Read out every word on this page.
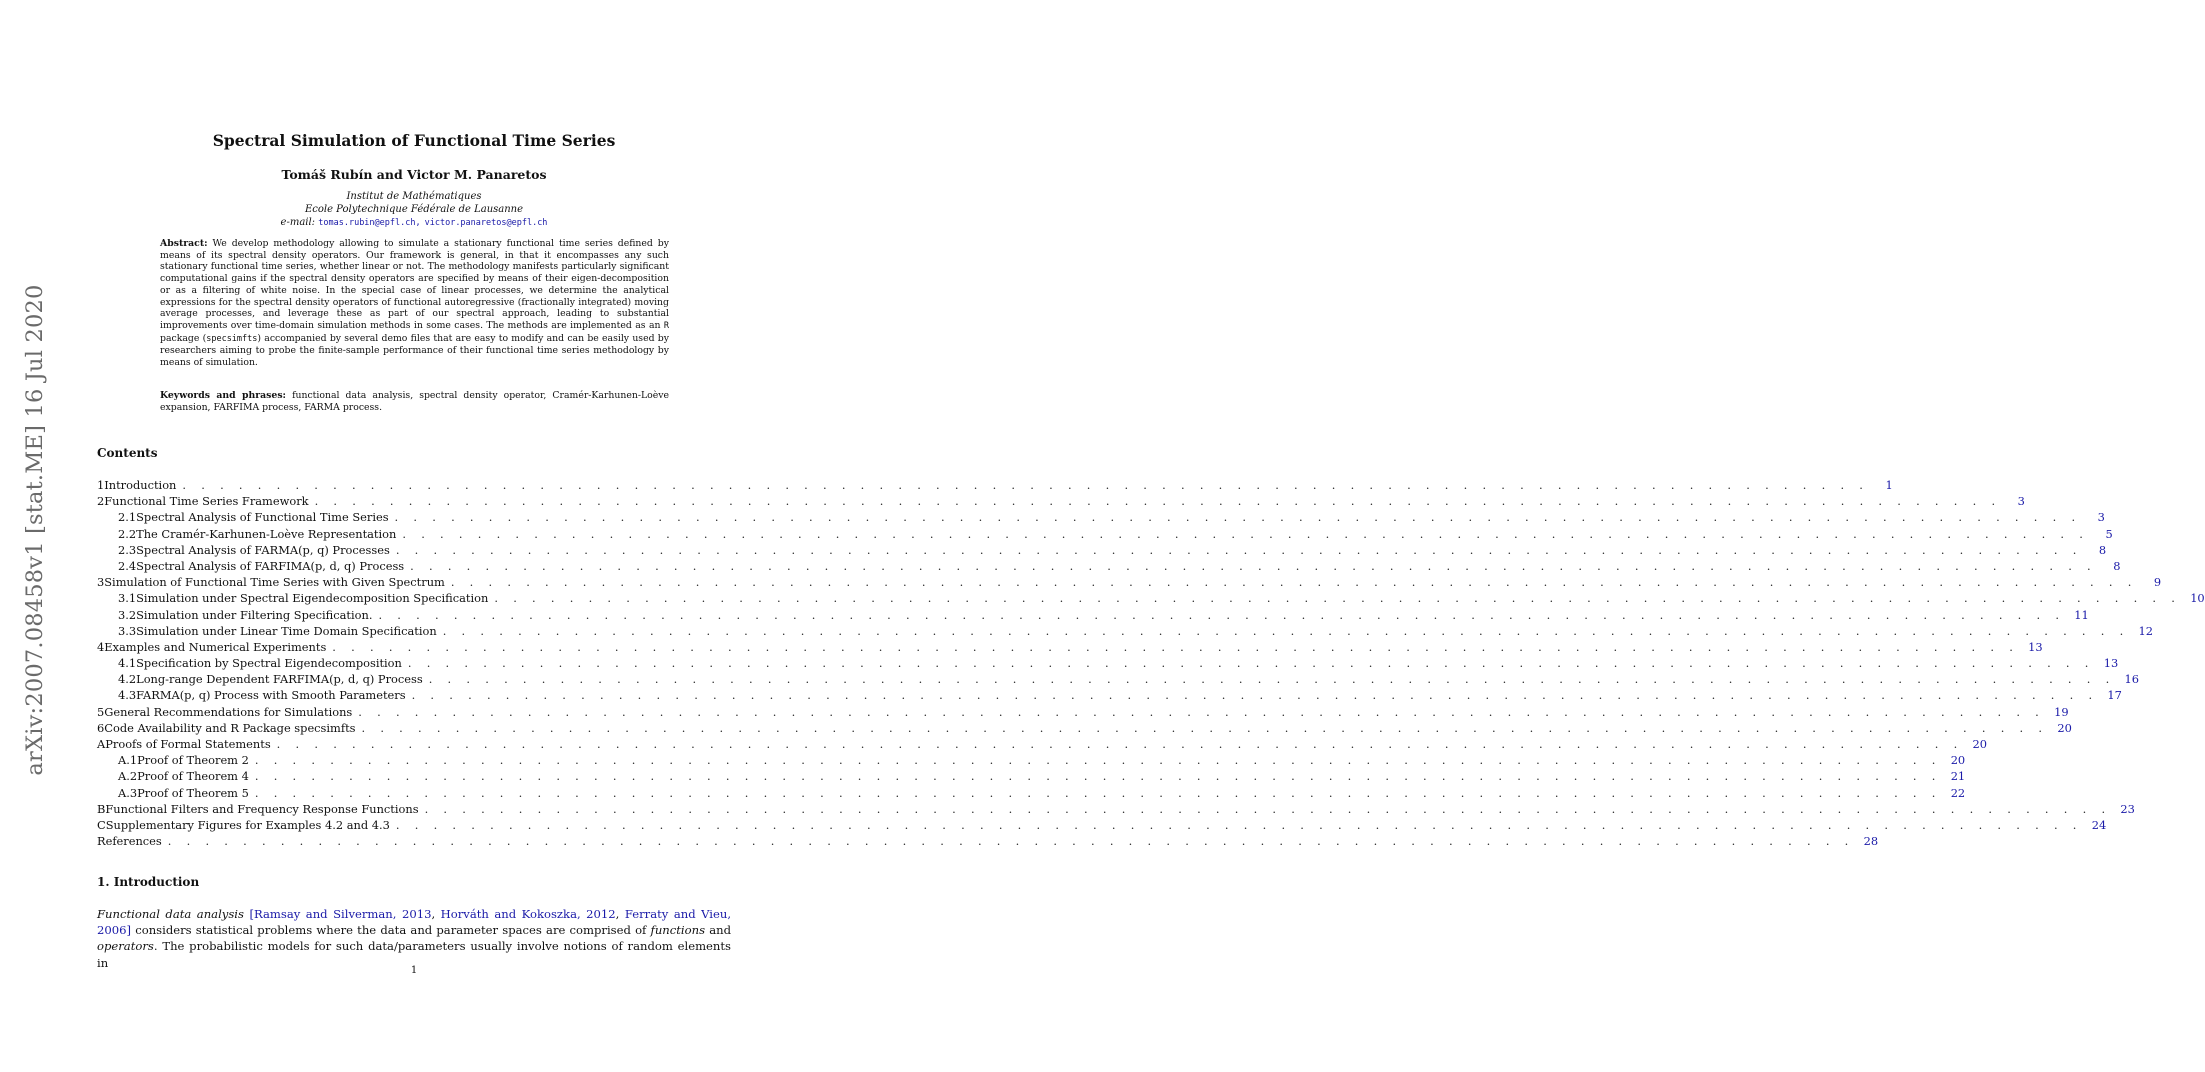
arXiv:2007.08458v1 [stat.ME] 16 Jul 2020
Spectral Simulation of Functional Time Series
Tomáš Rubín and Victor M. Panaretos
Institut de Mathématiques
Ecole Polytechnique Fédérale de Lausanne
e-mail: tomas.rubin@epfl.ch, victor.panaretos@epfl.ch
Abstract: We develop methodology allowing to simulate a stationary functional time series defined by means of its spectral density operators. Our framework is general, in that it encompasses any such stationary functional time series, whether linear or not. The methodology manifests particularly significant computational gains if the spectral density operators are specified by means of their eigen-decomposition or as a filtering of white noise. In the special case of linear processes, we determine the analytical expressions for the spectral density operators of functional autoregressive (fractionally integrated) moving average processes, and leverage these as part of our spectral approach, leading to substantial improvements over time-domain simulation methods in some cases. The methods are implemented as an R package (specsimfts) accompanied by several demo files that are easy to modify and can be easily used by researchers aiming to probe the finite-sample performance of their functional time series methodology by means of simulation.
Keywords and phrases: functional data analysis, spectral density operator, Cramér-Karhunen-Loève expansion, FARFIMA process, FARMA process.
Contents
1 Introduction . . . . . . . . . . . . . . . . . . . . . . . . . . . . . . . . . . . . . . . . . . . . . . . . . . . . . . . . . . . . . . . . . . . . . . . . . . . . . . . . . . . . . . . . . .	1
2 Functional Time Series Framework . . . . . . . . . . . . . . . . . . . . . . . . . . . . . . . . . . . . . . . . . . . . . . . . . . . . . . . . . . . . . . . . . . . . . . . . . . . . . . . . . . . . . . . . . .	3
2.1 Spectral Analysis of Functional Time Series . . . . . . . . . . . . . . . . . . . . . . . . . . . . . . . . . . . . . . . . . . . . . . . . . . . . . . . . . . . . . . . . . . . . . . . . . . . . . . . . . . . . . . . . . .	3
2.2 The Cramér-Karhunen-Loève Representation . . . . . . . . . . . . . . . . . . . . . . . . . . . . . . . . . . . . . . . . . . . . . . . . . . . . . . . . . . . . . . . . . . . . . . . . . . . . . . . . . . . . . . . . . .	5
2.3 Spectral Analysis of FARMA(p, q) Processes . . . . . . . . . . . . . . . . . . . . . . . . . . . . . . . . . . . . . . . . . . . . . . . . . . . . . . . . . . . . . . . . . . . . . . . . . . . . . . . . . . . . . . . . . .	8
2.4 Spectral Analysis of FARFIMA(p, d, q) Process . . . . . . . . . . . . . . . . . . . . . . . . . . . . . . . . . . . . . . . . . . . . . . . . . . . . . . . . . . . . . . . . . . . . . . . . . . . . . . . . . . . . . . . . . .	8
3 Simulation of Functional Time Series with Given Spectrum . . . . . . . . . . . . . . . . . . . . . . . . . . . . . . . . . . . . . . . . . . . . . . . . . . . . . . . . . . . . . . . . . . . . . . . . . . . . . . . . . . . . . . . . . .	9
3.1 Simulation under Spectral Eigendecomposition Specification . . . . . . . . . . . . . . . . . . . . . . . . . . . . . . . . . . . . . . . . . . . . . . . . . . . . . . . . . . . . . . . . . . . . . . . . . . . . . . . . . . . . . . . . . . 10
3.2 Simulation under Filtering Specification. . . . . . . . . . . . . . . . . . . . . . . . . . . . . . . . . . . . . . . . . . . . . . . . . . . . . . . . . . . . . . . . . . . . . . . . . . . . . . . . . . . . . . . . . . . 11
3.3 Simulation under Linear Time Domain Specification . . . . . . . . . . . . . . . . . . . . . . . . . . . . . . . . . . . . . . . . . . . . . . . . . . . . . . . . . . . . . . . . . . . . . . . . . . . . . . . . . . . . . . . . . . 12
4 Examples and Numerical Experiments . . . . . . . . . . . . . . . . . . . . . . . . . . . . . . . . . . . . . . . . . . . . . . . . . . . . . . . . . . . . . . . . . . . . . . . . . . . . . . . . . . . . . . . . . . 13
4.1 Specification by Spectral Eigendecomposition . . . . . . . . . . . . . . . . . . . . . . . . . . . . . . . . . . . . . . . . . . . . . . . . . . . . . . . . . . . . . . . . . . . . . . . . . . . . . . . . . . . . . . . . . . 13
4.2 Long-range Dependent FARFIMA(p, d, q) Process . . . . . . . . . . . . . . . . . . . . . . . . . . . . . . . . . . . . . . . . . . . . . . . . . . . . . . . . . . . . . . . . . . . . . . . . . . . . . . . . . . . . . . . . . . 16
4.3 FARMA(p, q) Process with Smooth Parameters . . . . . . . . . . . . . . . . . . . . . . . . . . . . . . . . . . . . . . . . . . . . . . . . . . . . . . . . . . . . . . . . . . . . . . . . . . . . . . . . . . . . . . . . . . 17
5 General Recommendations for Simulations . . . . . . . . . . . . . . . . . . . . . . . . . . . . . . . . . . . . . . . . . . . . . . . . . . . . . . . . . . . . . . . . . . . . . . . . . . . . . . . . . . . . . . . . . . 19
6 Code Availability and R Package specsimfts . . . . . . . . . . . . . . . . . . . . . . . . . . . . . . . . . . . . . . . . . . . . . . . . . . . . . . . . . . . . . . . . . . . . . . . . . . . . . . . . . . . . . . . . . . 20
A Proofs of Formal Statements . . . . . . . . . . . . . . . . . . . . . . . . . . . . . . . . . . . . . . . . . . . . . . . . . . . . . . . . . . . . . . . . . . . . . . . . . . . . . . . . . . . . . . . . . . 20
A.1 Proof of Theorem 2 . . . . . . . . . . . . . . . . . . . . . . . . . . . . . . . . . . . . . . . . . . . . . . . . . . . . . . . . . . . . . . . . . . . . . . . . . . . . . . . . . . . . . . . . . . 20
A.2 Proof of Theorem 4 . . . . . . . . . . . . . . . . . . . . . . . . . . . . . . . . . . . . . . . . . . . . . . . . . . . . . . . . . . . . . . . . . . . . . . . . . . . . . . . . . . . . . . . . . . 21
A.3 Proof of Theorem 5 . . . . . . . . . . . . . . . . . . . . . . . . . . . . . . . . . . . . . . . . . . . . . . . . . . . . . . . . . . . . . . . . . . . . . . . . . . . . . . . . . . . . . . . . . . 22
B Functional Filters and Frequency Response Functions . . . . . . . . . . . . . . . . . . . . . . . . . . . . . . . . . . . . . . . . . . . . . . . . . . . . . . . . . . . . . . . . . . . . . . . . . . . . . . . . . . . . . . . . . . 23
C Supplementary Figures for Examples 4.2 and 4.3 . . . . . . . . . . . . . . . . . . . . . . . . . . . . . . . . . . . . . . . . . . . . . . . . . . . . . . . . . . . . . . . . . . . . . . . . . . . . . . . . . . . . . . . . . . 24
References . . . . . . . . . . . . . . . . . . . . . . . . . . . . . . . . . . . . . . . . . . . . . . . . . . . . . . . . . . . . . . . . . . . . . . . . . . . . . . . . . . . . . . . . . . 28
1. Introduction
Functional data analysis [Ramsay and Silverman, 2013, Horváth and Kokoszka, 2012, Ferraty and Vieu, 2006] considers statistical problems where the data and parameter spaces are comprised of functions and operators. The probabilistic models for such data/parameters usually involve notions of random elements in
1
